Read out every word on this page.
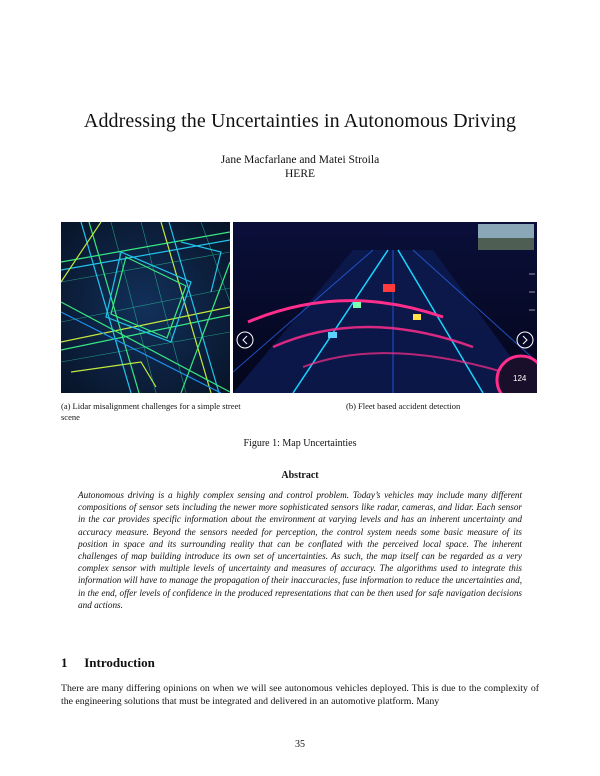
Addressing the Uncertainties in Autonomous Driving
Jane Macfarlane and Matei Stroila
HERE
124
(a) Lidar misalignment challenges for a simple street scene
(b) Fleet based accident detection
Figure 1: Map Uncertainties
Abstract

Autonomous driving is a highly complex sensing and control problem. Today’s vehicles may include many different compositions of sensor sets including the newer more sophisticated sensors like radar, cameras, and lidar. Each sensor in the car provides specific information about the environment at varying levels and has an inherent uncertainty and accuracy measure. Beyond the sensors needed for perception, the control system needs some basic measure of its position in space and its surrounding reality that can be conflated with the perceived local space. The inherent challenges of map building introduce its own set of uncertainties. As such, the map itself can be regarded as a very complex sensor with multiple levels of uncertainty and measures of accuracy. The algorithms used to integrate this information will have to manage the propagation of their inaccuracies, fuse information to reduce the uncertainties and, in the end, offer levels of confidence in the produced representations that can be then used for safe navigation decisions and actions.

1 Introduction

There are many differing opinions on when we will see autonomous vehicles deployed. This is due to the complexity of the engineering solutions that must be integrated and delivered in an automotive platform. Many

35
